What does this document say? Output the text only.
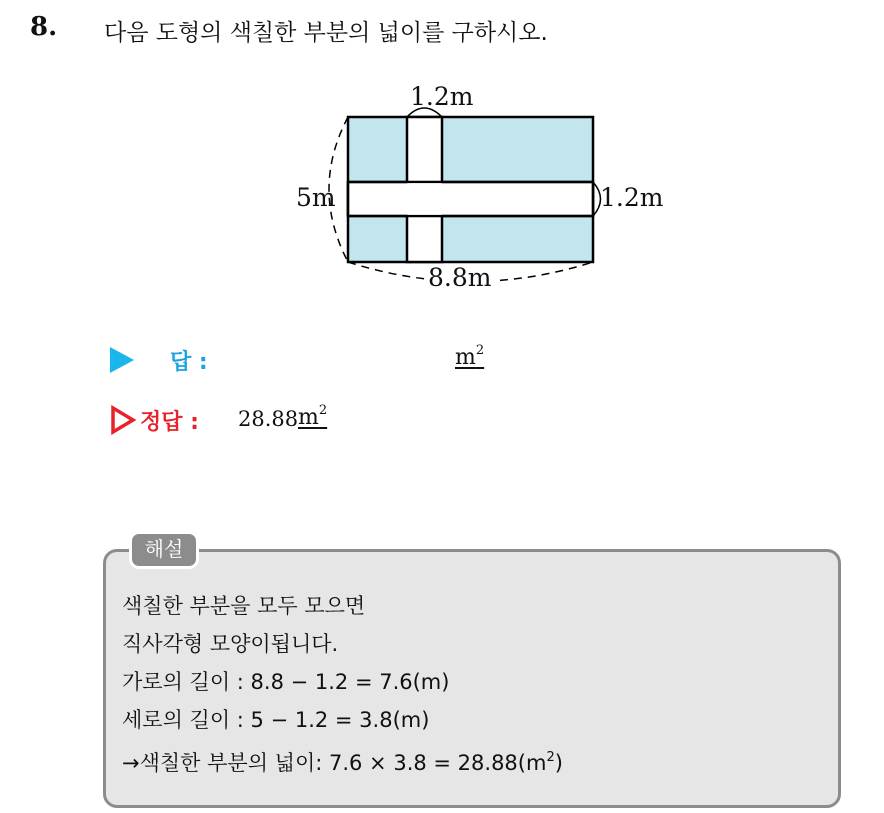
8. 다음 도형의 색칠한 부분의 넓이를 구하시오.
1.2m
5m	1.2m
8.8m
답 :	$m^2$
정답 : 28.88 $m^2$
해설
색칠한 부분을 모두 모으면
직사각형 모양이됩니다.
가로의 길이 : 8.8 − 1.2 = 7.6(m)
세로의 길이 : 5 − 1.2 = 3.8(m)
→색칠한 부분의 넓이: $7.6 \times 3.8 = 28.88(m^2)$
